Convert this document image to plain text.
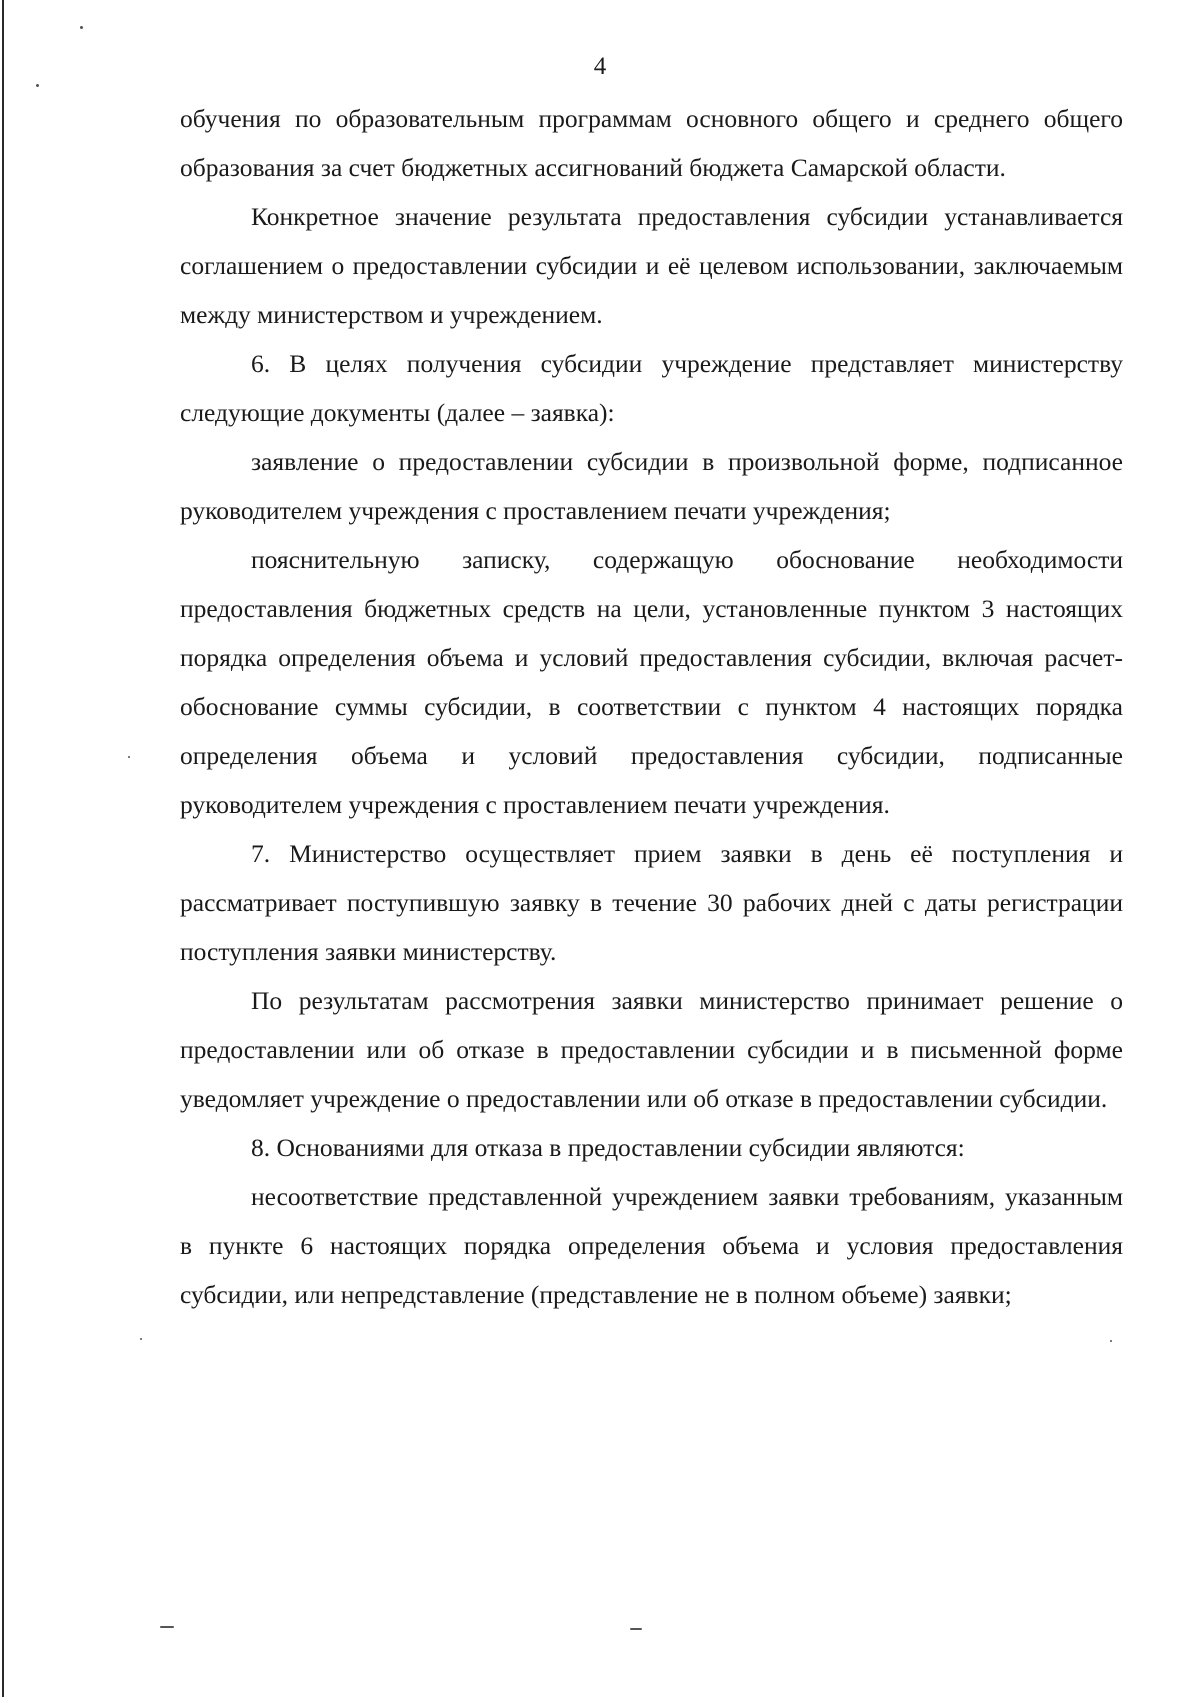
4

обучения по образовательным программам основного общего и среднего общего образования за счет бюджетных ассигнований бюджета Самарской области.

Конкретное значение результата предоставления субсидии устанавливается соглашением о предоставлении субсидии и её целевом использовании, заключаемым между министерством и учреждением.

6. В целях получения субсидии учреждение представляет министерству следующие документы (далее – заявка):

заявление о предоставлении субсидии в произвольной форме, подписанное руководителем учреждения с проставлением печати учреждения;

пояснительную записку, содержащую обоснование необходимости предоставления бюджетных средств на цели, установленные пунктом 3 настоящих порядка определения объема и условий предоставления субсидии, включая расчет-обоснование суммы субсидии, в соответствии с пунктом 4 настоящих порядка определения объема и условий предоставления субсидии, подписанные руководителем учреждения с проставлением печати учреждения.

7. Министерство осуществляет прием заявки в день её поступления и рассматривает поступившую заявку в течение 30 рабочих дней с даты регистрации поступления заявки министерству.

По результатам рассмотрения заявки министерство принимает решение о предоставлении или об отказе в предоставлении субсидии и в письменной форме уведомляет учреждение о предоставлении или об отказе в предоставлении субсидии.

8. Основаниями для отказа в предоставлении субсидии являются:

несоответствие представленной учреждением заявки требованиям, указанным в пункте 6 настоящих порядка определения объема и условия предоставления субсидии, или непредставление (представление не в полном объеме) заявки;
